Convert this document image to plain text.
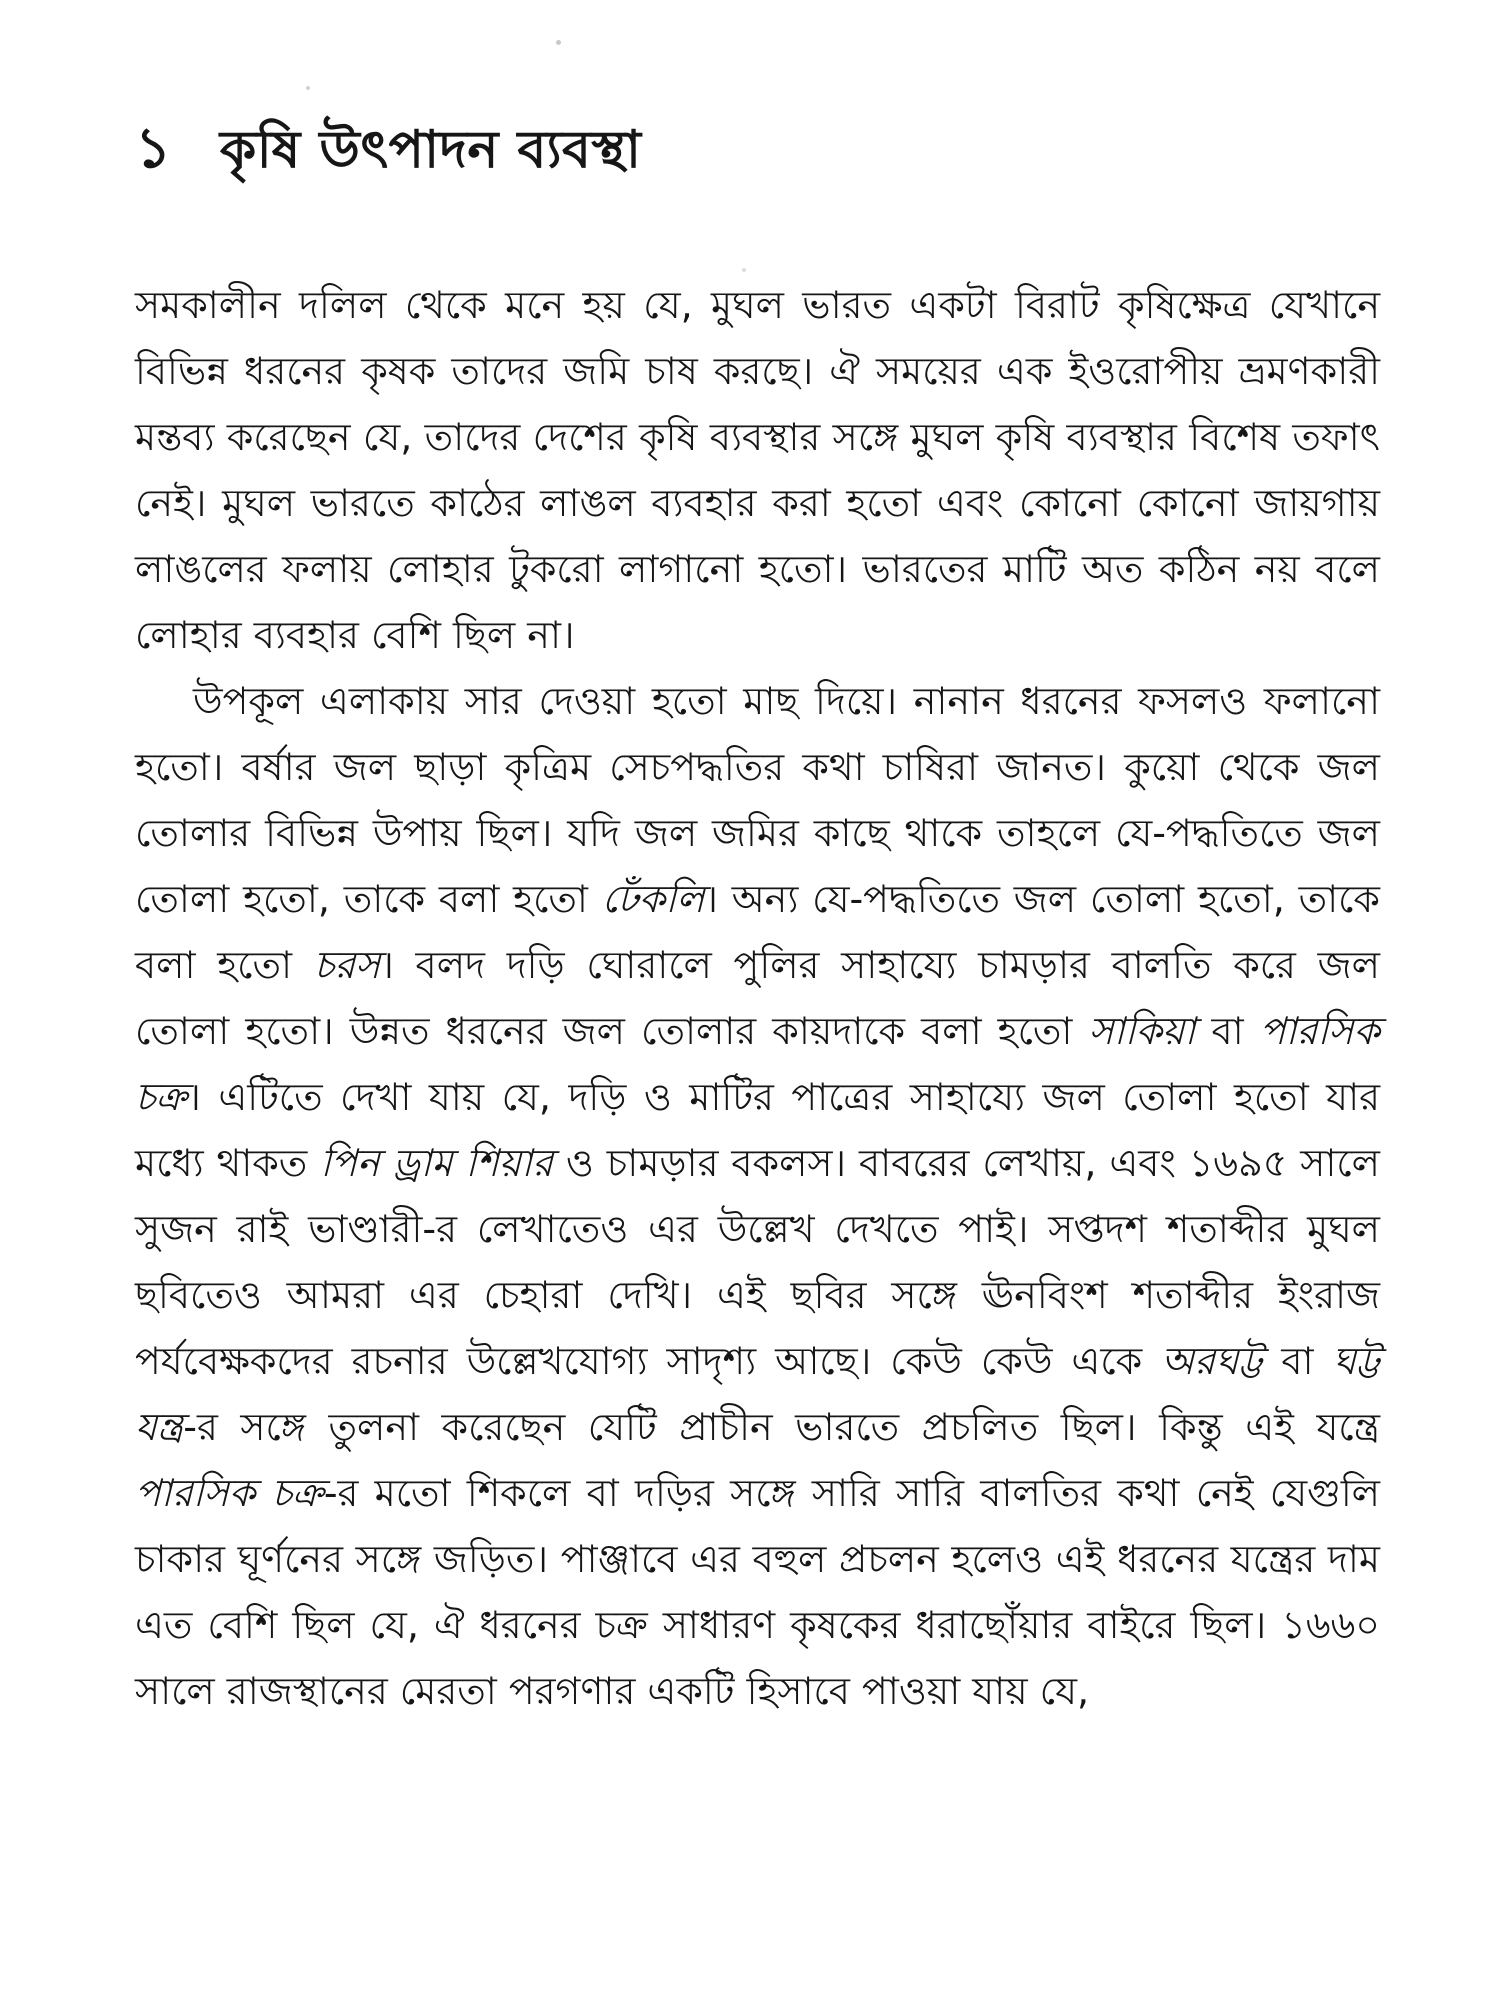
১ কৃষি উৎপাদন ব্যবস্থা

সমকালীন দলিল থেকে মনে হয় যে, মুঘল ভারত একটা বিরাট কৃষিক্ষেত্র যেখানে বিভিন্ন ধরনের কৃষক তাদের জমি চাষ করছে। ঐ সময়ের এক ইওরোপীয় ভ্রমণকারী মন্তব্য করেছেন যে, তাদের দেশের কৃষি ব্যবস্থার সঙ্গে মুঘল কৃষি ব্যবস্থার বিশেষ তফাৎ নেই। মুঘল ভারতে কাঠের লাঙল ব্যবহার করা হতো এবং কোনো কোনো জায়গায় লাঙলের ফলায় লোহার টুকরো লাগানো হতো। ভারতের মাটি অত কঠিন নয় বলে লোহার ব্যবহার বেশি ছিল না।

উপকূল এলাকায় সার দেওয়া হতো মাছ দিয়ে। নানান ধরনের ফসলও ফলানো হতো। বর্ষার জল ছাড়া কৃত্রিম সেচপদ্ধতির কথা চাষিরা জানত। কুয়ো থেকে জল তোলার বিভিন্ন উপায় ছিল। যদি জল জমির কাছে থাকে তাহলে যে-পদ্ধতিতে জল তোলা হতো, তাকে বলা হতো ঢেঁকলি। অন্য যে-পদ্ধতিতে জল তোলা হতো, তাকে বলা হতো চরস। বলদ দড়ি ঘোরালে পুলির সাহায্যে চামড়ার বালতি করে জল তোলা হতো। উন্নত ধরনের জল তোলার কায়দাকে বলা হতো সাকিয়া বা পারসিক চক্র। এটিতে দেখা যায় যে, দড়ি ও মাটির পাত্রের সাহায্যে জল তোলা হতো যার মধ্যে থাকত পিন ড্রাম শিয়ার ও চামড়ার বকলস। বাবরের লেখায়, এবং ১৬৯৫ সালে সুজন রাই ভাণ্ডারী-র লেখাতেও এর উল্লেখ দেখতে পাই। সপ্তদশ শতাব্দীর মুঘল ছবিতেও আমরা এর চেহারা দেখি। এই ছবির সঙ্গে ঊনবিংশ শতাব্দীর ইংরাজ পর্যবেক্ষকদের রচনার উল্লেখযোগ্য সাদৃশ্য আছে। কেউ কেউ একে অরঘট্ট বা ঘট্ট যন্ত্র-র সঙ্গে তুলনা করেছেন যেটি প্রাচীন ভারতে প্রচলিত ছিল। কিন্তু এই যন্ত্রে পারসিক চক্র-র মতো শিকলে বা দড়ির সঙ্গে সারি সারি বালতির কথা নেই যেগুলি চাকার ঘূর্ণনের সঙ্গে জড়িত। পাঞ্জাবে এর বহুল প্রচলন হলেও এই ধরনের যন্ত্রের দাম এত বেশি ছিল যে, ঐ ধরনের চক্র সাধারণ কৃষকের ধরাছোঁয়ার বাইরে ছিল। ১৬৬০ সালে রাজস্থানের মেরতা পরগণার একটি হিসাবে পাওয়া যায় যে,
